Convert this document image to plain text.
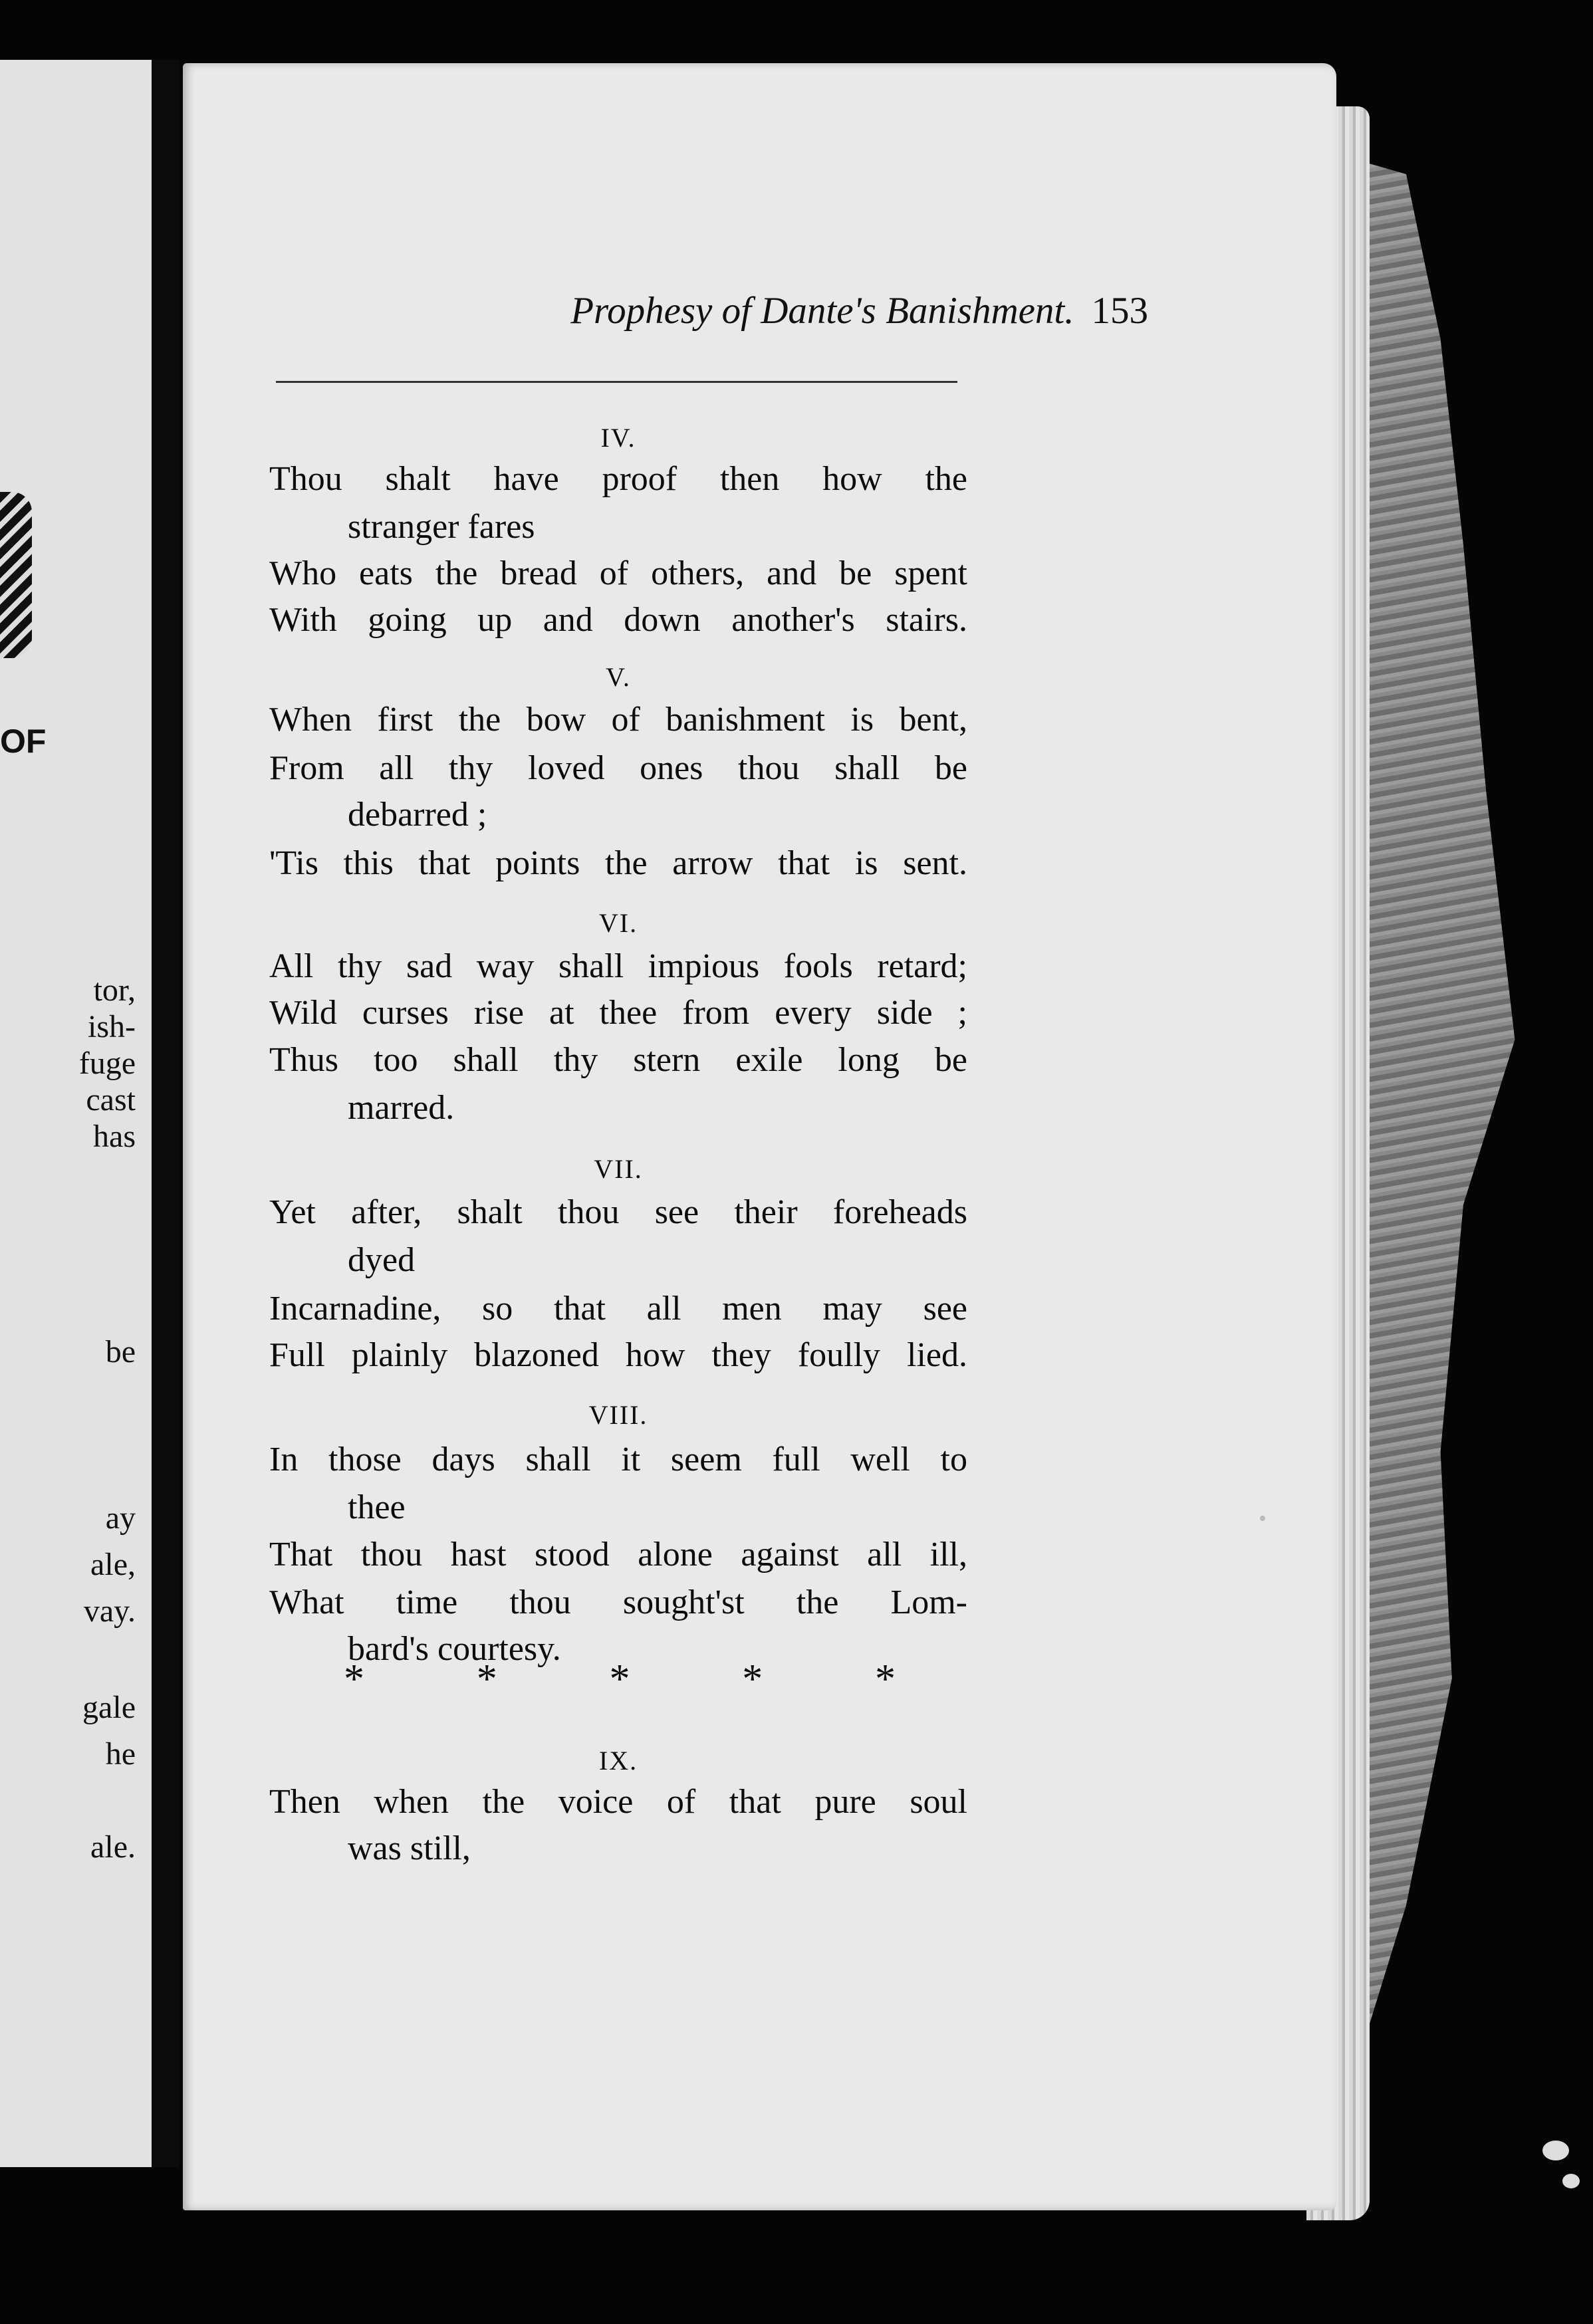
OF
tor,
ish-
fuge
cast
has
be
ay
ale,
vay.
gale
he
ale.
Prophesy of Dante's Banishment. 153
IV.
Thou shalt have proof then how the
stranger fares
Who eats the bread of others, and be spent
With going up and down another's stairs.
V.
When first the bow of banishment is bent,
From all thy loved ones thou shall be
debarred ;
'Tis this that points the arrow that is sent.
VI.
All thy sad way shall impious fools retard;
Wild curses rise at thee from every side ;
Thus too shall thy stern exile long be
marred.
VII.
Yet after, shalt thou see their foreheads
dyed
Incarnadine, so that all men may see
Full plainly blazoned how they foully lied.
VIII.
In those days shall it seem full well to
thee
That thou hast stood alone against all ill,
What time thou sought'st the Lom-
bard's courtesy.
*	*	*	*	*
IX.
Then when the voice of that pure soul
was still,
